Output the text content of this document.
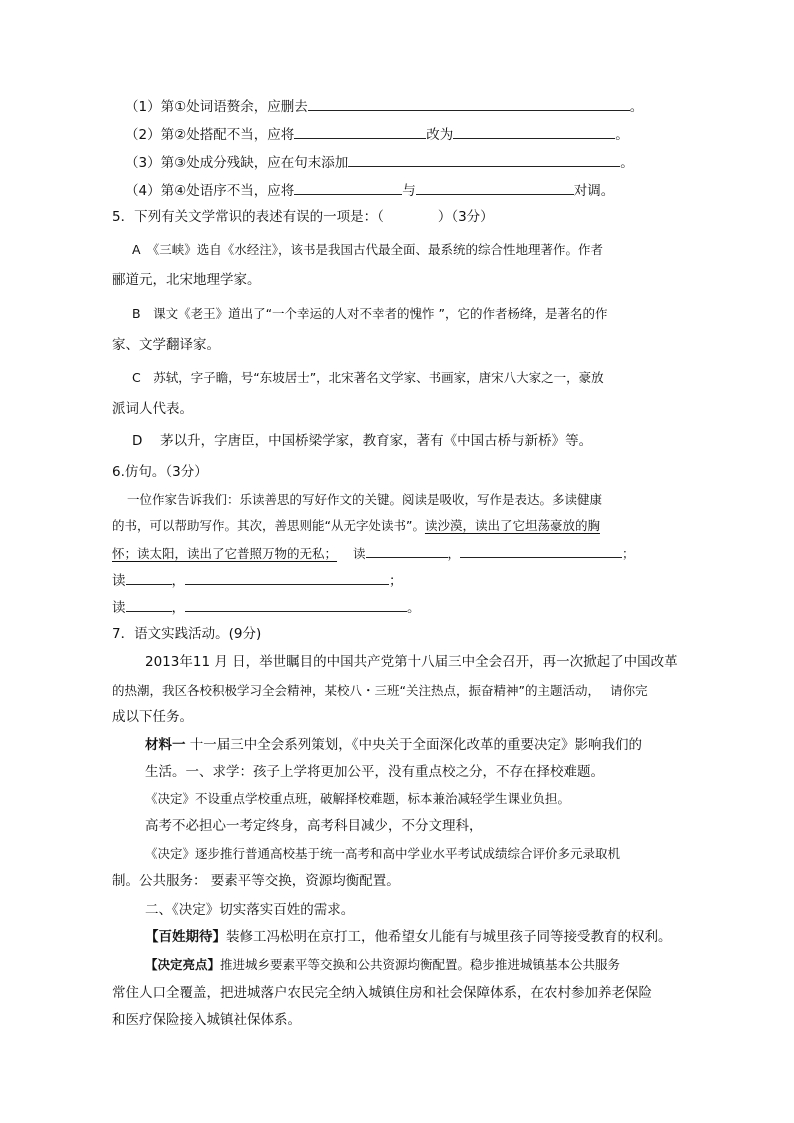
（1）第①处词语赘余，应删去	。
（2）第②处搭配不当，应将	改为	。
（3）第③处成分残缺，应在句末添加	。
（4）第④处语序不当，应将	与	对调。
5．下列有关文学常识的表述有误的一项是：（　　　　）（3分）
A　《三峡》选自《水经注》，该书是我国古代最全面、最系统的综合性地理著作。作者
郦道元，北宋地理学家。
B　课文《老王》道出了“一个幸运的人对不幸者的愧怍 ”，它的作者杨绛，是著名的作
家、文学翻译家。
C　苏轼，字子瞻，号“东坡居士”，北宋著名文学家、书画家，唐宋八大家之一，豪放
派词人代表。
D　 茅以升，字唐臣，中国桥梁学家，教育家，著有《中国古桥与新桥》等。
6.仿句。（3分）
一位作家告诉我们：乐读善思的写好作文的关键。阅读是吸收，写作是表达。多读健康
的书，可以帮助写作。其次，善思则能“从无字处读书”。读沙漠，读出了它坦荡豪放的胸
怀；读太阳，读出了它普照万物的无私； 读	，	；
读	，	；
读	，	。
7．语文实践活动。(9分)
2013年11 月 日，举世瞩目的中国共产党第十八届三中全会召开，再一次掀起了中国改革
的热潮，我区各校积极学习全会精神，某校八・三班“关注热点，振奋精神”的主题活动，　 请你完
成以下任务。
材料一 十一届三中全会系列策划，《中央关于全面深化改革的重要决定》影响我们的
生活。一、求学：孩子上学将更加公平，没有重点校之分，不存在择校难题。
《决定》不设重点学校重点班，破解择校难题，标本兼治减轻学生课业负担。
高考不必担心一考定终身，高考科目减少，不分文理科，
《决定》逐步推行普通高校基于统一高考和高中学业水平考试成绩综合评价多元录取机
制。公共服务： 要素平等交换，资源均衡配置。
二、《决定》切实落实百姓的需求。
【百姓期待】装修工冯松明在京打工，他希望女儿能有与城里孩子同等接受教育的权利。
【决定亮点】推进城乡要素平等交换和公共资源均衡配置。稳步推进城镇基本公共服务
常住人口全覆盖，把进城落户农民完全纳入城镇住房和社会保障体系，在农村参加养老保险
和医疗保险接入城镇社保体系。
